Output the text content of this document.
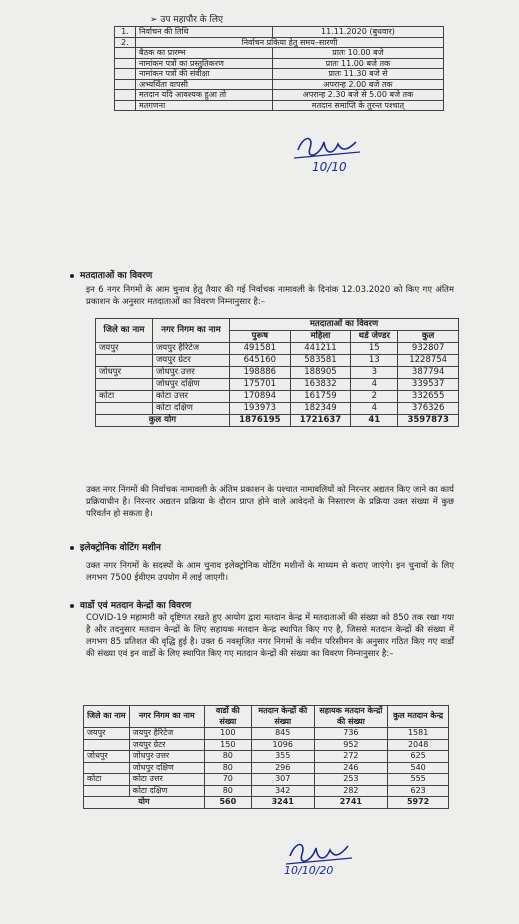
➢ उप महापौर के लिए
1.	निर्वाचन की तिथि	11.11.2020 (बुधवार)
2.	निर्वाचन प्रकिया हेतु समय–सारणी	
	बैठक का प्रारम्भ	प्रातः 10.00 बजे
	नामांकन पत्रों का प्रस्तुतिकरण	प्रातः 11.00 बजे तक
	नामांकन पत्रों की संवीक्षा	प्रातः 11.30 बजे से
	अभ्यर्थिता वापसी	अपरान्ह 2.00 बजे तक
	मतदान यदि आवश्यक हुआ तो	अपरान्ह 2.30 बजे से 5.00 बजे तक
	मतगणना	मतदान समाप्ति के तुरन्त पश्चात्
10/10
मतदाताओं का विवरण
इन 6 नगर निगमों के आम चुनाव हेतु तैयार की गई निर्वाचक नामावली के दिनांक 12.03.2020 को किए गए अंतिम प्रकाशन के अनुसार मतदाताओं का विवरण निम्नानुसार है:–
जिले का नाम	नगर निगम का नाम	मतदाताओं का विवरण			
		पुरूष	महिला	थर्ड जेण्डर	कुल
जयपुर	जयपुर हैरिटेज	491581	441211	15	932807
	जयपुर ग्रेटर	645160	583581	13	1228754
जोधपुर	जोधपुर उत्तर	198886	188905	3	387794
	जोधपुर दक्षिण	175701	163832	4	339537
कोटा	कोटा उत्तर	170894	161759	2	332655
	कोटा दक्षिण	193973	182349	4	376326
कुल योग		1876195	1721637	41	3597873
उक्त नगर निगमों की निर्वाचक नामावली के अंतिम प्रकाशन के पश्चात नामावलियों को निरन्तर अद्यतन किए जाने का कार्य प्रक्रियाधीन है। निरन्तर अद्यतन प्रक्रिया के दौरान प्राप्त होने वाले आवेदनों के निस्तारण के प्रक्रिया उक्त संख्या में कुछ परिवर्तन हो सकता है।
इलेक्ट्रोनिक वोटिंग मशीन
उक्त नगर निगमों के सदस्यों के आम चुनाव इलेक्ट्रोनिक वोटिंग मशीनों के माध्यम से कराए जाएंगे। इन चुनावों के लिए लगभग 7500 ईवीएम उपयोग में लाई जाएगी।
वार्डो एवं मतदान केन्द्रों का विवरण
COVID-19 महामारी को दृष्टिगत रखते हुए आयोग द्वारा मतदान केन्द्र में मतदाताओं की संख्या को 850 तक रखा गया है और तदनुसार मतदान केन्द्रों के लिए सहायक मतदान केन्द्र स्थापित किए गए है, जिससे मतदान केन्द्रों की संख्या में लगभग 85 प्रतिशत की वृद्धि हुई है। उक्त 6 नवसृजित नगर निगमों के नवीन परिसीमन के अनुसार गठित किए गए वार्डों की संख्या एवं इन वार्डों के लिए स्थापित किए गए मतदान केन्द्रों की संख्या का विवरण निम्नानुसार है:–
जिले का नाम	नगर निगम का नाम	वार्डो की संख्या	मतदान केन्द्रों की संख्या	सहायक मतदान केन्द्रों की संख्या	कुल मतदान केन्द्र
जयपुर	जयपुर हैरिटेज	100	845	736	1581
	जयपुर ग्रेटर	150	1096	952	2048
जोधपुर	जोधपुर उत्तर	80	355	272	625
	जोधपुर दक्षिण	80	296	246	540
कोटा	कोटा उत्तर	70	307	253	555
	कोटा दक्षिण	80	342	282	623
योग		560	3241	2741	5972
10/10/20
